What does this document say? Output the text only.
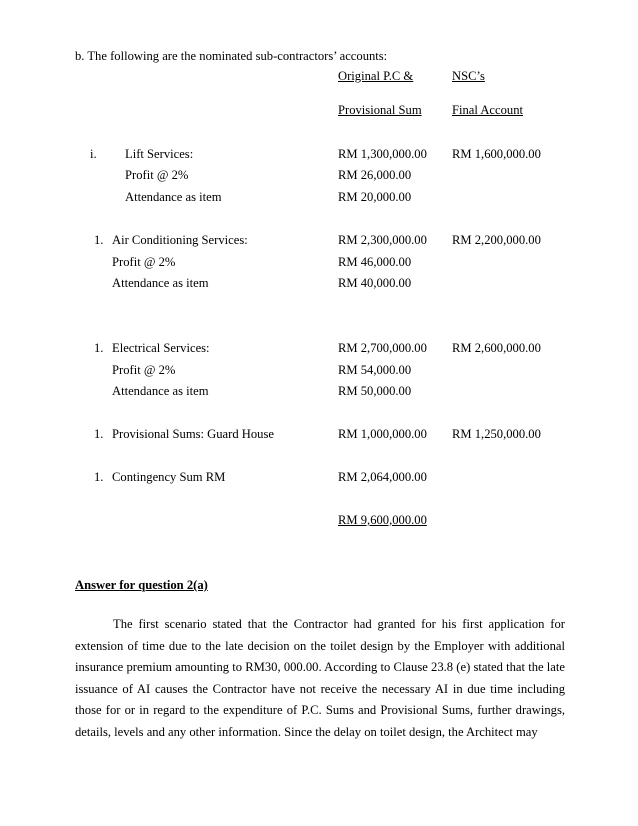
b. The following are the nominated sub-contractors’ accounts:
Original P.C &	NSC’s
Provisional Sum Final Account
i. Lift Services:	RM 1,300,000.00 RM 1,600,000.00
Profit @ 2%	RM 26,000.00
Attendance as item	RM 20,000.00
1. Air Conditioning Services:	RM 2,300,000.00 RM 2,200,000.00
Profit @ 2%	RM 46,000.00
Attendance as item	RM 40,000.00
1. Electrical Services:	RM 2,700,000.00 RM 2,600,000.00
Profit @ 2%	RM 54,000.00
Attendance as item	RM 50,000.00
1. Provisional Sums: Guard House	RM 1,000,000.00 RM 1,250,000.00
1. Contingency Sum RM	RM 2,064,000.00
RM 9,600,000.00
Answer for question 2(a)
The first scenario stated that the Contractor had granted for his first application for extension of time due to the late decision on the toilet design by the Employer with additional insurance premium amounting to RM30, 000.00. According to Clause 23.8 (e) stated that the late issuance of AI causes the Contractor have not receive the necessary AI in due time including those for or in regard to the expenditure of P.C. Sums and Provisional Sums, further drawings, details, levels and any other information. Since the delay on toilet design, the Architect may
